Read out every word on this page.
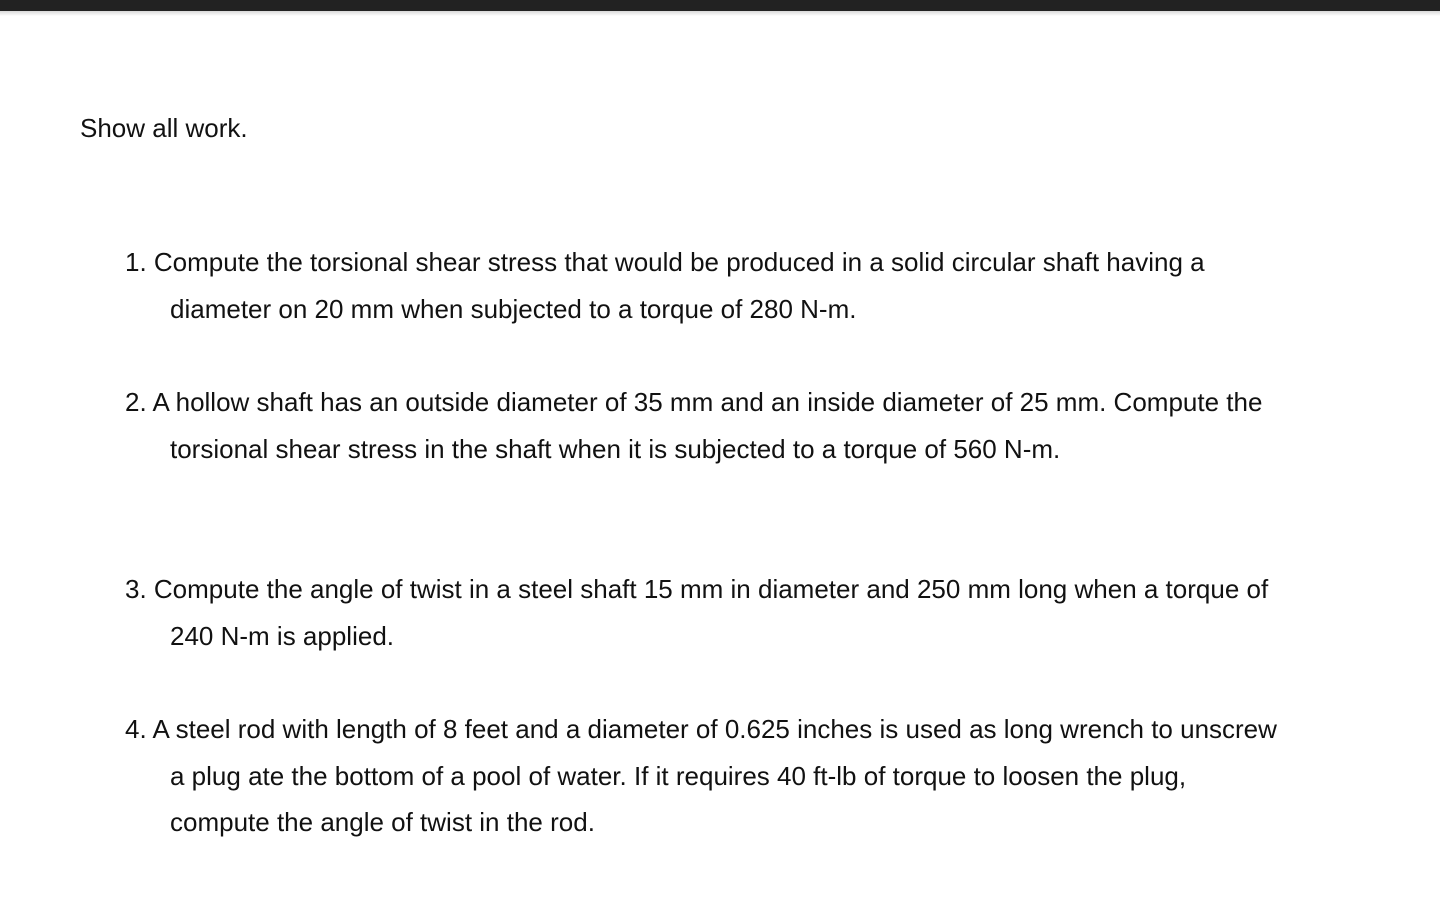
Show all work.

1. Compute the torsional shear stress that would be produced in a solid circular shaft having a
diameter on 20 mm when subjected to a torque of 280 N-m.
2. A hollow shaft has an outside diameter of 35 mm and an inside diameter of 25 mm. Compute the
torsional shear stress in the shaft when it is subjected to a torque of 560 N-m.
3. Compute the angle of twist in a steel shaft 15 mm in diameter and 250 mm long when a torque of
240 N-m is applied.
4. A steel rod with length of 8 feet and a diameter of 0.625 inches is used as long wrench to unscrew
a plug ate the bottom of a pool of water. If it requires 40 ft-lb of torque to loosen the plug,
compute the angle of twist in the rod.
